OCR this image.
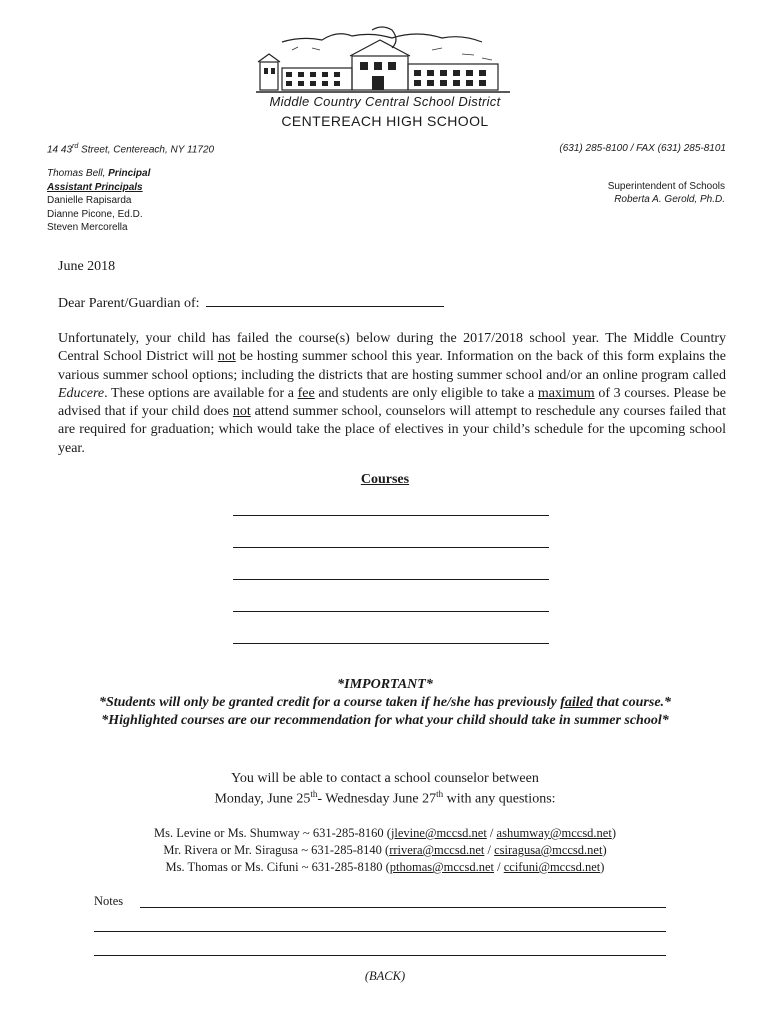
Middle Country Central School District
CENTEREACH HIGH SCHOOL
14 43rd Street, Centereach, NY 11720	(631) 285-8100 / FAX (631) 285-8101
Thomas Bell, Principal
Assistant Principals
Danielle Rapisarda
Dianne Picone, Ed.D.
Steven Mercorella
Superintendent of Schools
Roberta A. Gerold, Ph.D.
June 2018
Dear Parent/Guardian of:
Unfortunately, your child has failed the course(s) below during the 2017/2018 school year. The Middle Country Central School District will not be hosting summer school this year. Information on the back of this form explains the various summer school options; including the districts that are hosting summer school and/or an online program called Educere. These options are available for a fee and students are only eligible to take a maximum of 3 courses. Please be advised that if your child does not attend summer school, counselors will attempt to reschedule any courses failed that are required for graduation; which would take the place of electives in your child’s schedule for the upcoming school year.
Courses
*IMPORTANT*
*Students will only be granted credit for a course taken if he/she has previously failed that course.*
*Highlighted courses are our recommendation for what your child should take in summer school*
You will be able to contact a school counselor between
Monday, June 25th- Wednesday June 27th with any questions:
Ms. Levine or Ms. Shumway ~ 631-285-8160 (jlevine@mccsd.net / ashumway@mccsd.net)
Mr. Rivera or Mr. Siragusa ~ 631-285-8140 (rrivera@mccsd.net / csiragusa@mccsd.net)
Ms. Thomas or Ms. Cifuni ~ 631-285-8180 (pthomas@mccsd.net / ccifuni@mccsd.net)
Notes
(BACK)
